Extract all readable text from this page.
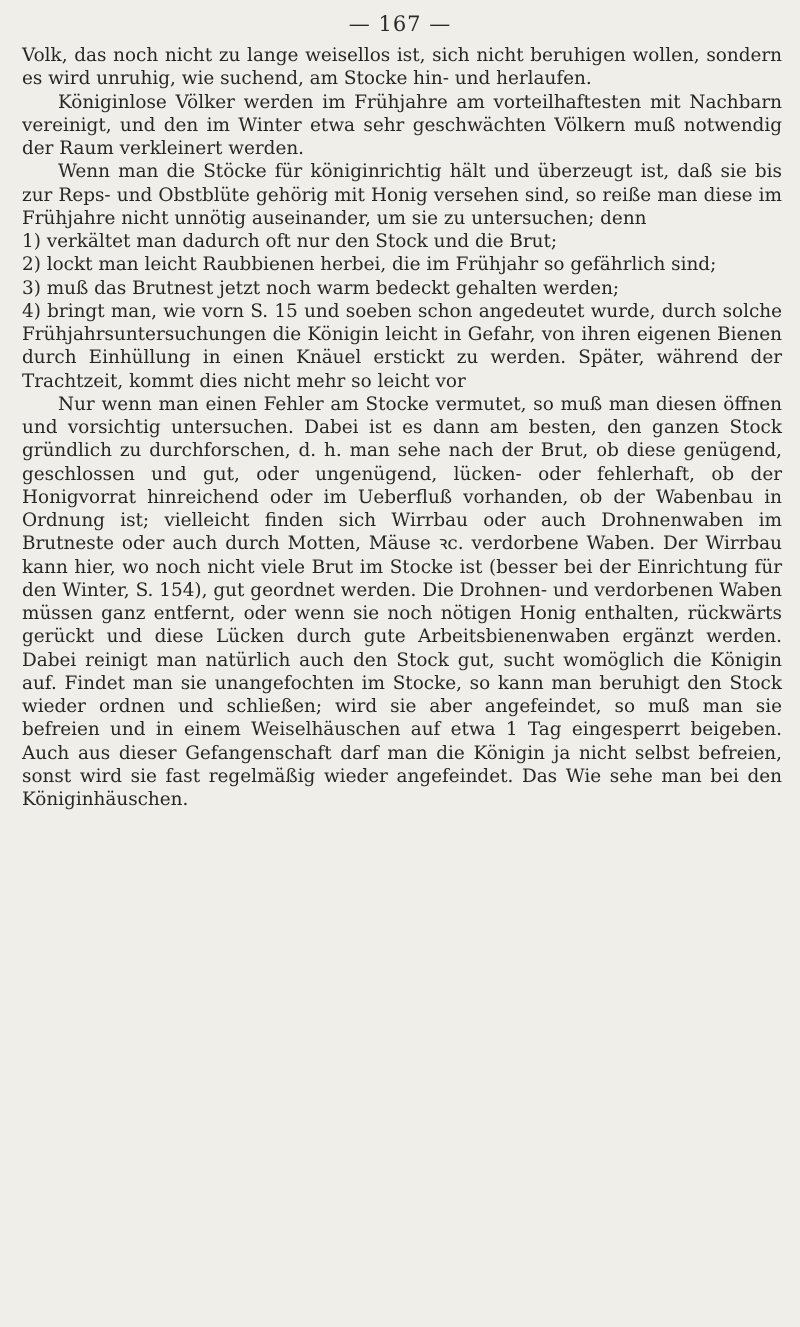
— 167 —

Volk, das noch nicht zu lange weisellos ist, sich nicht beruhigen wollen, sondern es wird unruhig, wie suchend, am Stocke hin- und herlaufen.

Königinlose Völker werden im Frühjahre am vorteilhaftesten mit Nachbarn vereinigt, und den im Winter etwa sehr geschwächten Völkern muß notwendig der Raum verkleinert werden.

Wenn man die Stöcke für königinrichtig hält und überzeugt ist, daß sie bis zur Reps- und Obstblüte gehörig mit Honig versehen sind, so reiße man diese im Frühjahre nicht unnötig auseinander, um sie zu untersuchen; denn

1) verkältet man dadurch oft nur den Stock und die Brut;

2) lockt man leicht Raubbienen herbei, die im Frühjahr so gefährlich sind;

3) muß das Brutnest jetzt noch warm bedeckt gehalten werden;

4) bringt man, wie vorn S. 15 und soeben schon angedeutet wurde, durch solche Frühjahrsuntersuchungen die Königin leicht in Gefahr, von ihren eigenen Bienen durch Einhüllung in einen Knäuel erstickt zu werden. Später, während der Trachtzeit, kommt dies nicht mehr so leicht vor

Nur wenn man einen Fehler am Stocke vermutet, so muß man diesen öffnen und vorsichtig untersuchen. Dabei ist es dann am besten, den ganzen Stock gründlich zu durchforschen, d. h. man sehe nach der Brut, ob diese genügend, geschlossen und gut, oder ungenügend, lücken- oder fehlerhaft, ob der Honigvorrat hinreichend oder im Ueberfluß vorhanden, ob der Wabenbau in Ordnung ist; vielleicht finden sich Wirrbau oder auch Drohnenwaben im Brutneste oder auch durch Motten, Mäuse ꝛc. verdorbene Waben. Der Wirrbau kann hier, wo noch nicht viele Brut im Stocke ist (besser bei der Einrichtung für den Winter, S. 154), gut geordnet werden. Die Drohnen- und verdorbenen Waben müssen ganz entfernt, oder wenn sie noch nötigen Honig enthalten, rückwärts gerückt und diese Lücken durch gute Arbeitsbienenwaben ergänzt werden. Dabei reinigt man natürlich auch den Stock gut, sucht womöglich die Königin auf. Findet man sie unangefochten im Stocke, so kann man beruhigt den Stock wieder ordnen und schließen; wird sie aber angefeindet, so muß man sie befreien und in einem Weiselhäuschen auf etwa 1 Tag eingesperrt beigeben. Auch aus dieser Gefangenschaft darf man die Königin ja nicht selbst befreien, sonst wird sie fast regelmäßig wieder angefeindet. Das Wie sehe man bei den Königinhäuschen.
